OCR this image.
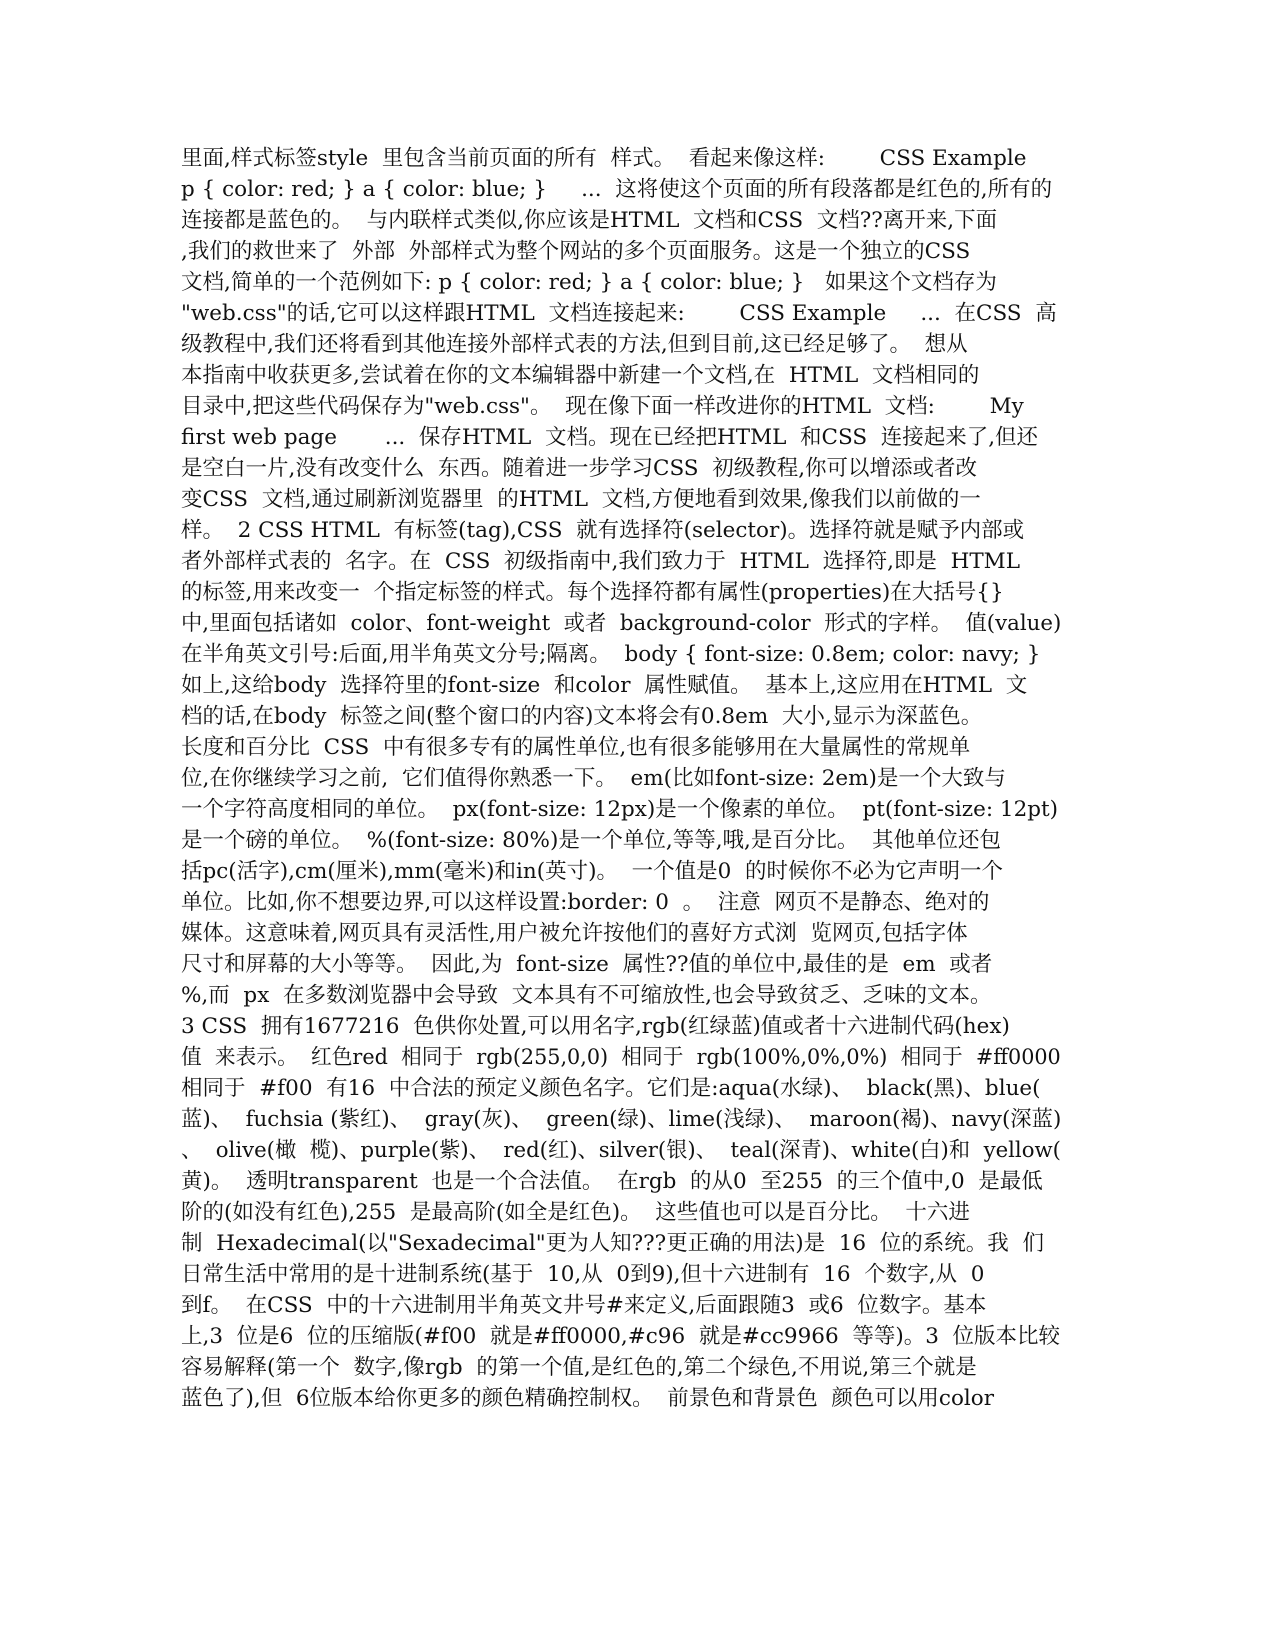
里面,样式标签style  里包含当前页面的所有  样式。  看起来像这样:        CSS Example
p { color: red; } a { color: blue; }     ...  这将使这个页面的所有段落都是红色的,所有的
连接都是蓝色的。  与内联样式类似,你应该是HTML  文档和CSS  文档??离开来,下面
,我们的救世来了  外部  外部样式为整个网站的多个页面服务。这是一个独立的CSS
文档,简单的一个范例如下: p { color: red; } a { color: blue; }   如果这个文档存为
"web.css"的话,它可以这样跟HTML  文档连接起来:        CSS Example     ...  在CSS  高
级教程中,我们还将看到其他连接外部样式表的方法,但到目前,这已经足够了。  想从
本指南中收获更多,尝试着在你的文本编辑器中新建一个文档,在  HTML  文档相同的
目录中,把这些代码保存为"web.css"。  现在像下面一样改进你的HTML  文档:        My
first web page       ...  保存HTML  文档。现在已经把HTML  和CSS  连接起来了,但还
是空白一片,没有改变什么  东西。随着进一步学习CSS  初级教程,你可以增添或者改
变CSS  文档,通过刷新浏览器里  的HTML  文档,方便地看到效果,像我们以前做的一
样。  2 CSS HTML  有标签(tag),CSS  就有选择符(selector)。选择符就是赋予内部或
者外部样式表的  名字。在  CSS  初级指南中,我们致力于  HTML  选择符,即是  HTML
的标签,用来改变一  个指定标签的样式。每个选择符都有属性(properties)在大括号{}
中,里面包括诸如  color、font-weight  或者  background-color  形式的字样。  值(value)
在半角英文引号:后面,用半角英文分号;隔离。  body { font-size: 0.8em; color: navy; }
如上,这给body  选择符里的font-size  和color  属性赋值。  基本上,这应用在HTML  文
档的话,在body  标签之间(整个窗口的内容)文本将会有0.8em  大小,显示为深蓝色。
长度和百分比  CSS  中有很多专有的属性单位,也有很多能够用在大量属性的常规单
位,在你继续学习之前,  它们值得你熟悉一下。  em(比如font-size: 2em)是一个大致与
一个字符高度相同的单位。  px(font-size: 12px)是一个像素的单位。  pt(font-size: 12pt)
是一个磅的单位。  %(font-size: 80%)是一个单位,等等,哦,是百分比。  其他单位还包
括pc(活字),cm(厘米),mm(毫米)和in(英寸)。  一个值是0  的时候你不必为它声明一个
单位。比如,你不想要边界,可以这样设置:border: 0  。  注意  网页不是静态、绝对的
媒体。这意味着,网页具有灵活性,用户被允许按他们的喜好方式浏  览网页,包括字体
尺寸和屏幕的大小等等。  因此,为  font-size  属性??值的单位中,最佳的是  em  或者
%,而  px  在多数浏览器中会导致  文本具有不可缩放性,也会导致贫乏、乏味的文本。
3 CSS  拥有1677216  色供你处置,可以用名字,rgb(红绿蓝)值或者十六进制代码(hex)
值  来表示。  红色red  相同于  rgb(255,0,0)  相同于  rgb(100%,0%,0%)  相同于  #ff0000
相同于  #f00  有16  中合法的预定义颜色名字。它们是:aqua(水绿)、  black(黑)、blue(
蓝)、  fuchsia (紫红)、  gray(灰)、  green(绿)、lime(浅绿)、  maroon(褐)、navy(深蓝)
、  olive(橄  榄)、purple(紫)、  red(红)、silver(银)、  teal(深青)、white(白)和  yellow(
黄)。  透明transparent  也是一个合法值。  在rgb  的从0  至255  的三个值中,0  是最低
阶的(如没有红色),255  是最高阶(如全是红色)。  这些值也可以是百分比。  十六进
制  Hexadecimal(以"Sexadecimal"更为人知???更正确的用法)是  16  位的系统。我  们
日常生活中常用的是十进制系统(基于  10,从  0到9),但十六进制有  16  个数字,从  0
到f。  在CSS  中的十六进制用半角英文井号#来定义,后面跟随3  或6  位数字。基本
上,3  位是6  位的压缩版(#f00  就是#ff0000,#c96  就是#cc9966  等等)。3  位版本比较
容易解释(第一个  数字,像rgb  的第一个值,是红色的,第二个绿色,不用说,第三个就是
蓝色了),但  6位版本给你更多的颜色精确控制权。  前景色和背景色  颜色可以用color
